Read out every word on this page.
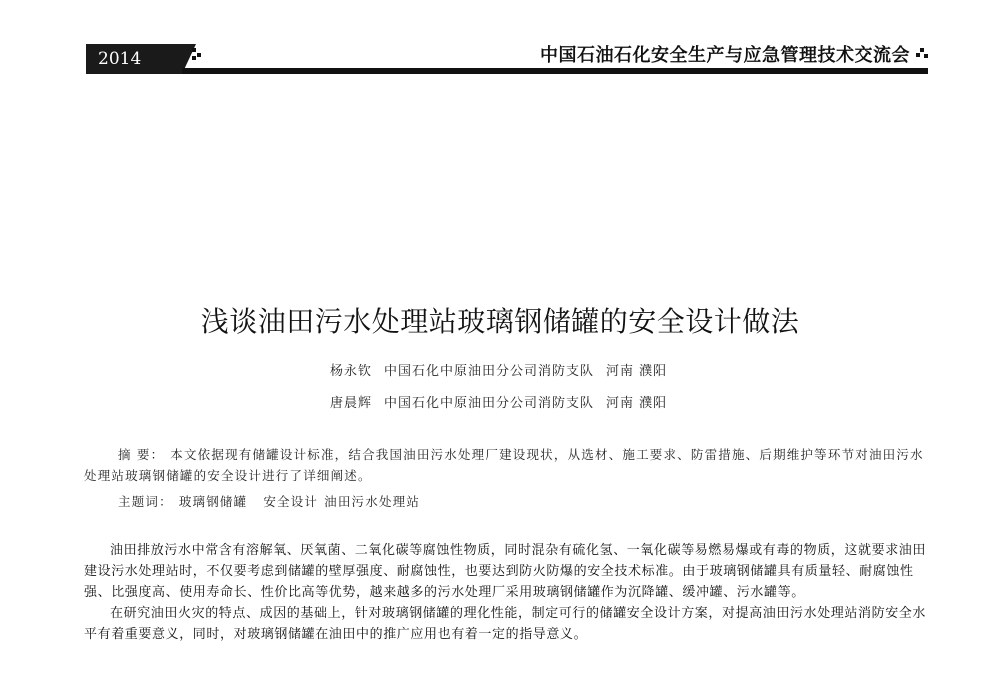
2014	中国石油石化安全生产与应急管理技术交流会
浅谈油田污水处理站玻璃钢储罐的安全设计做法
杨永钦 中国石化中原油田分公司消防支队 河南 濮阳
唐晨辉 中国石化中原油田分公司消防支队 河南 濮阳
摘 要： 本文依据现有储罐设计标准，结合我国油田污水处理厂建设现状，从选材、施工要求、防雷措施、后期维护等环节对油田污水处理站玻璃钢储罐的安全设计进行了详细阐述。
主题词： 玻璃钢储罐 安全设计 油田污水处理站

油田排放污水中常含有溶解氧、厌氧菌、二氧化碳等腐蚀性物质，同时混杂有硫化氢、一氧化碳等易燃易爆或有毒的物质，这就要求油田建设污水处理站时，不仅要考虑到储罐的壁厚强度、耐腐蚀性，也要达到防火防爆的安全技术标准。由于玻璃钢储罐具有质量轻、耐腐蚀性强、比强度高、使用寿命长、性价比高等优势，越来越多的污水处理厂采用玻璃钢储罐作为沉降罐、缓冲罐、污水罐等。

在研究油田火灾的特点、成因的基础上，针对玻璃钢储罐的理化性能，制定可行的储罐安全设计方案，对提高油田污水处理站消防安全水平有着重要意义，同时，对玻璃钢储罐在油田中的推广应用也有着一定的指导意义。
